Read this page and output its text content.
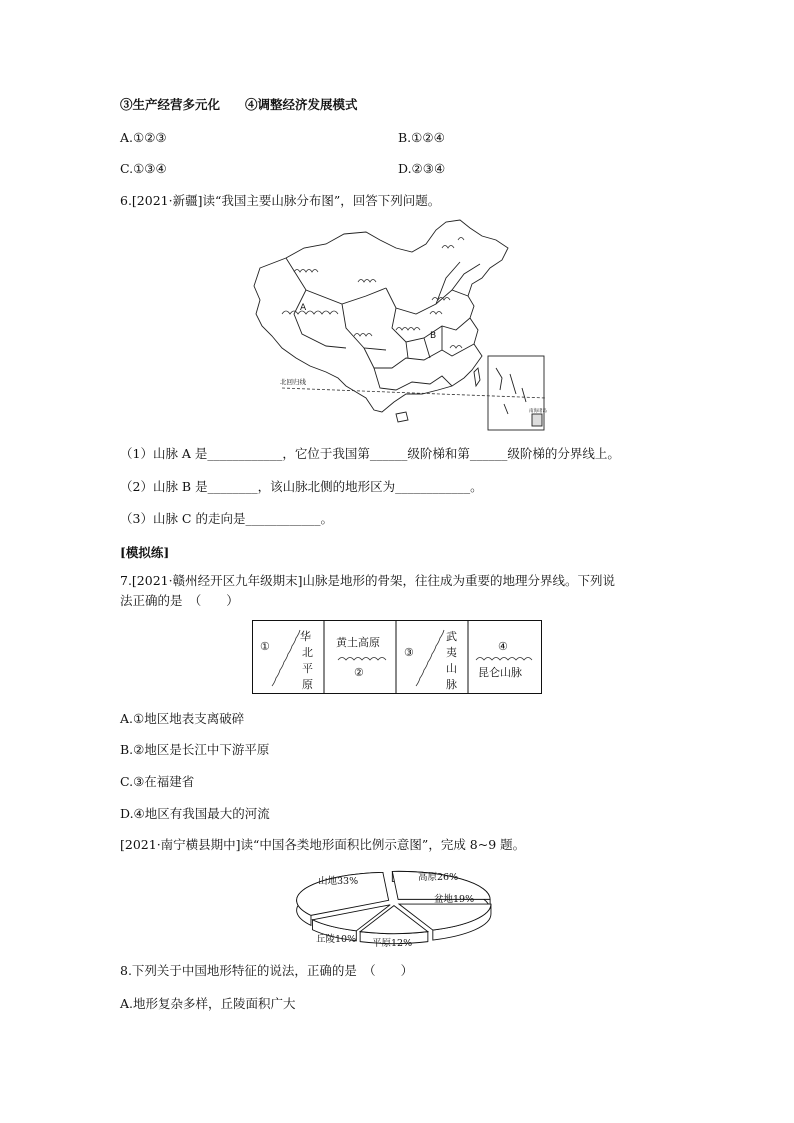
③生产经营多元化　　④调整经济发展模式
A.①②③	B.①②④
C.①③④	D.②③④
6.[2021·新疆]读“我国主要山脉分布图”，回答下列问题。
A
B
北回归线
南海诸岛
（1）山脉 A 是____________，它位于我国第______级阶梯和第______级阶梯的分界线上。
（2）山脉 B 是________，该山脉北侧的地形区为____________。
（3）山脉 C 的走向是____________。
[模拟练]
7.[2021·赣州经开区九年级期末]山脉是地形的骨架，往往成为重要的地理分界线。下列说
法正确的是　（　　）
①
华
北
平
原
黄土高原
②
③
武
夷
山
脉
④
昆仑山脉
A.①地区地表支离破碎
B.②地区是长江中下游平原
C.③在福建省
D.④地区有我国最大的河流
[2021·南宁横县期中]读“中国各类地形面积比例示意图”，完成 8~9 题。
山地33%	高原26%
盆地19%
平原12%
丘陵10%
8.下列关于中国地形特征的说法，正确的是　（　　）
A.地形复杂多样，丘陵面积广大
